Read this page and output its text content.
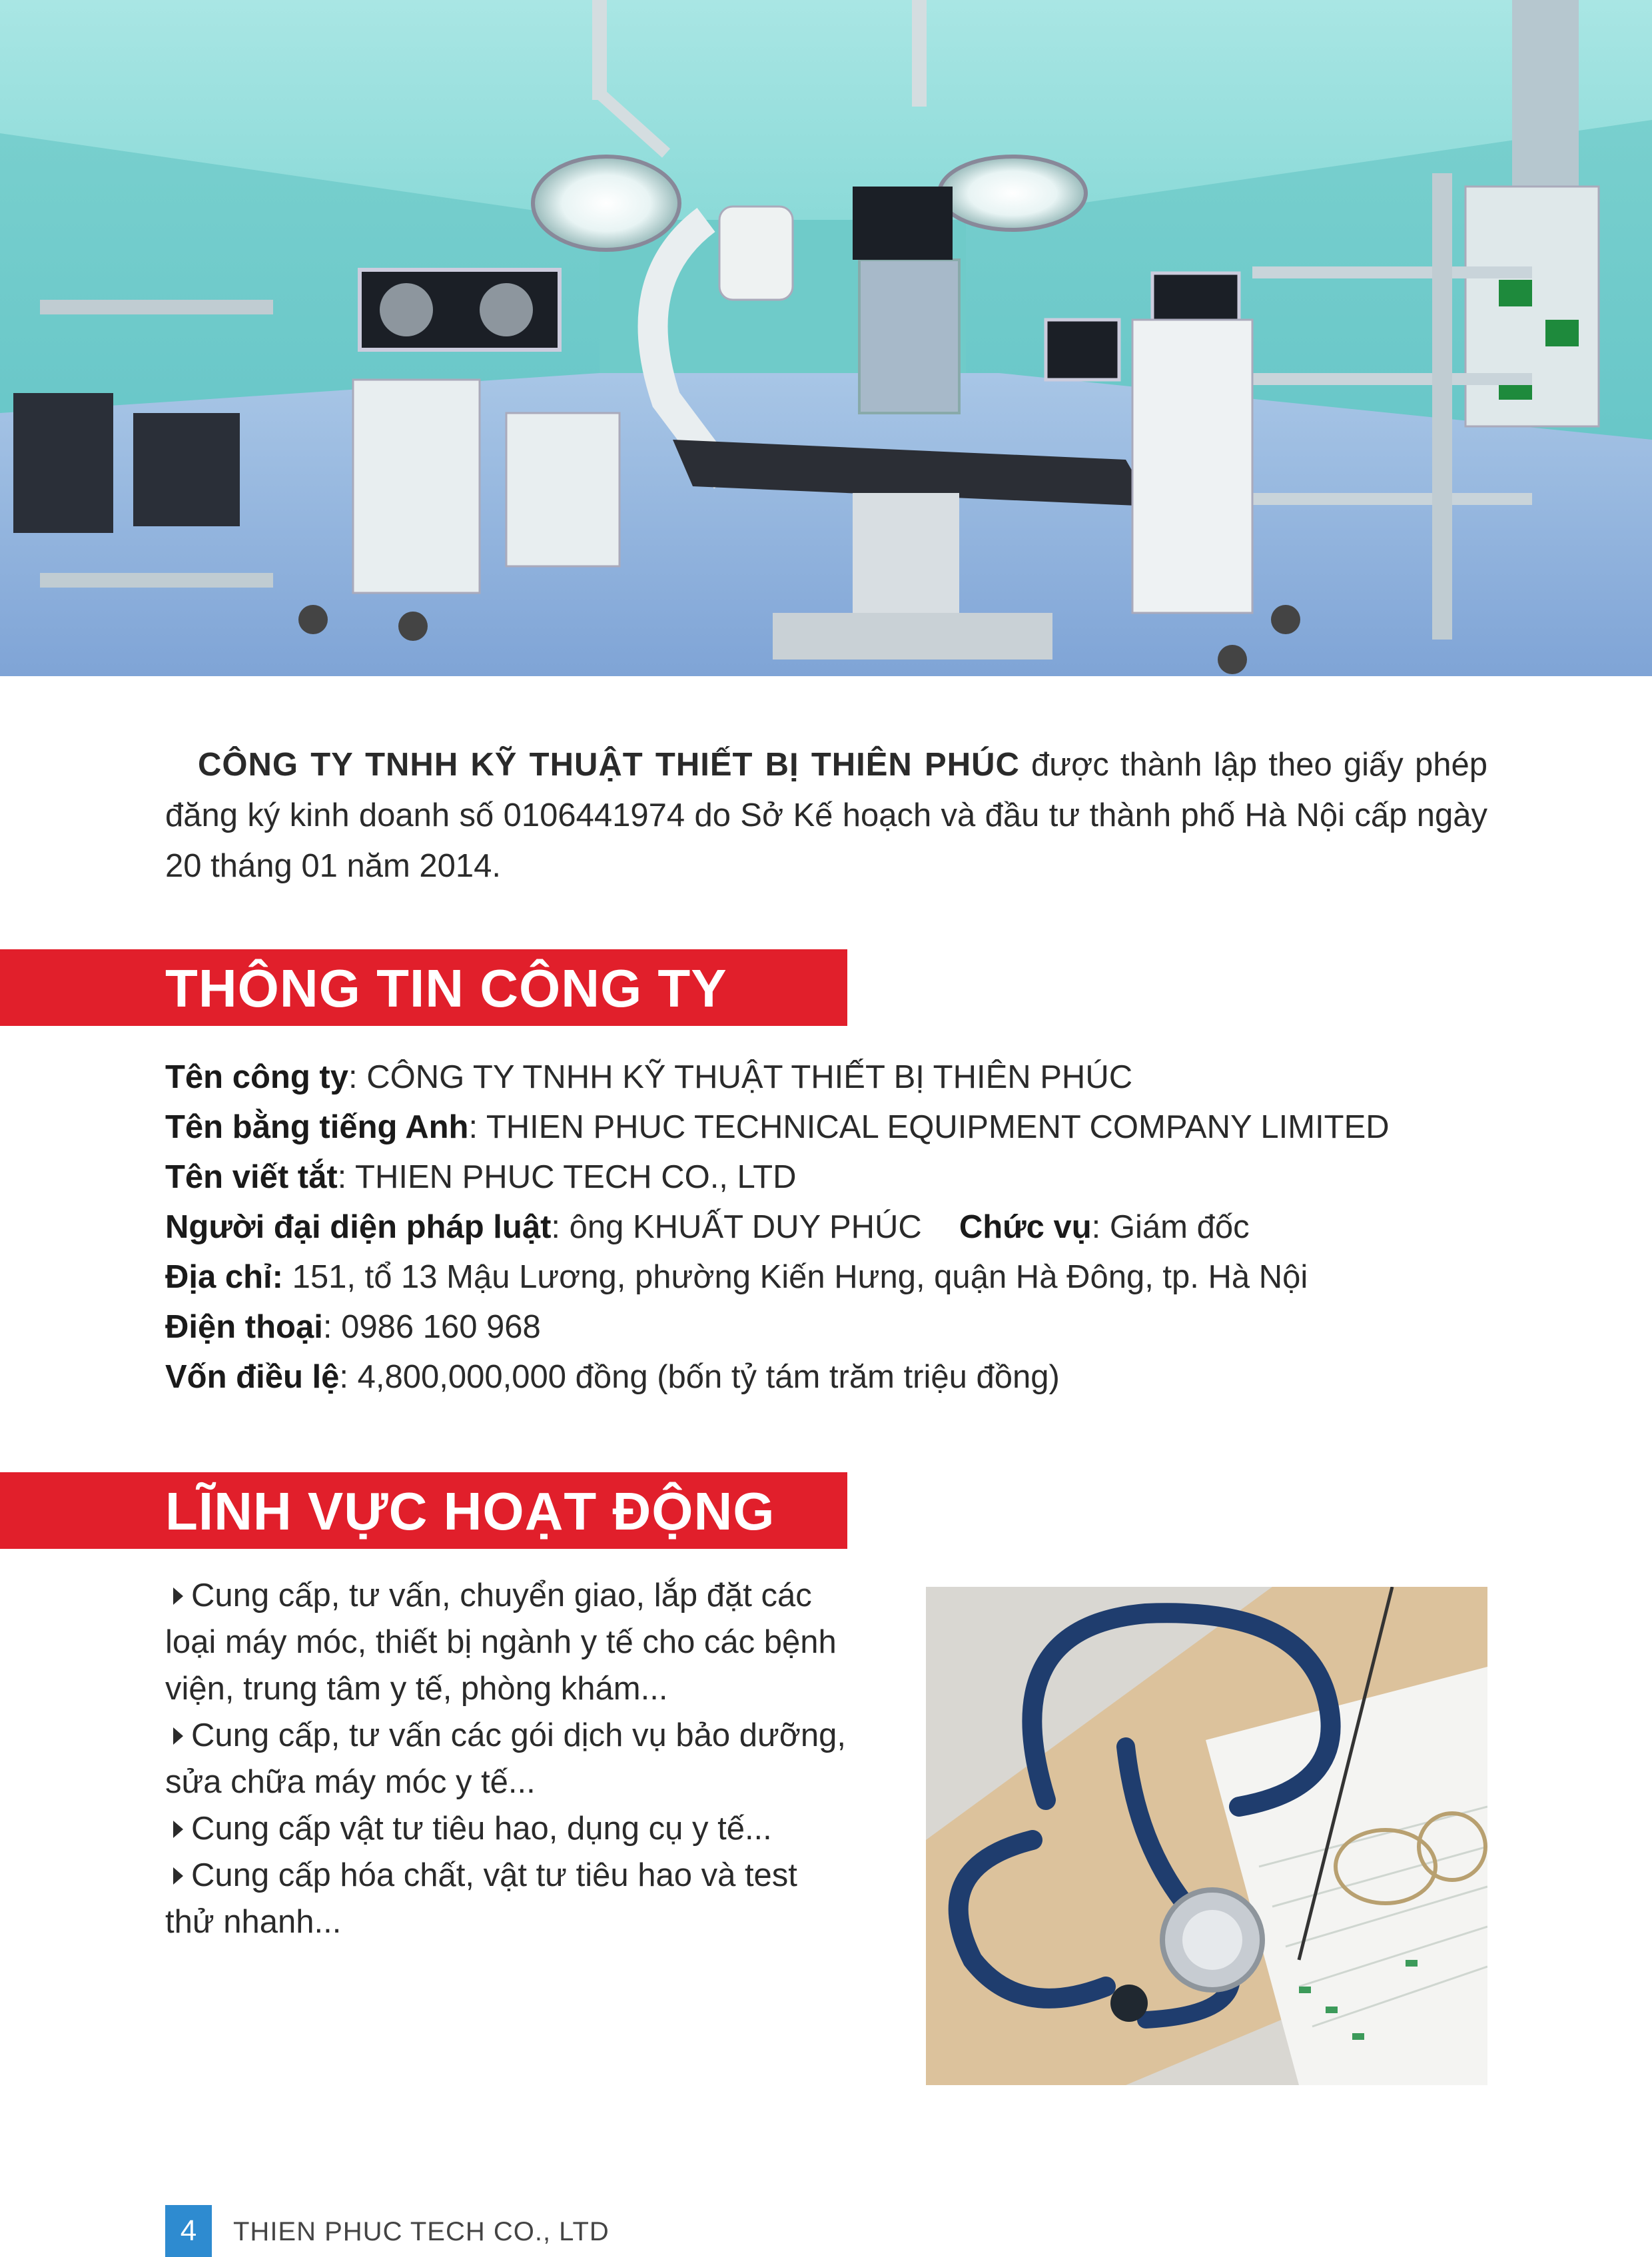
 CÔNG TY TNHH KỸ THUẬT THIẾT BỊ THIÊN PHÚC được thành lập theo giấy phép đăng ký kinh doanh số 0106441974 do Sở Kế hoạch và đầu tư thành phố Hà Nội cấp ngày 20 tháng 01 năm 2014.
THÔNG TIN CÔNG TY
Tên công ty: CÔNG TY TNHH KỸ THUẬT THIẾT BỊ THIÊN PHÚC
Tên bằng tiếng Anh: THIEN PHUC TECHNICAL EQUIPMENT COMPANY LIMITED
Tên viết tắt: THIEN PHUC TECH CO., LTD
Người đại diện pháp luật: ông KHUẤT DUY PHÚC Chức vụ: Giám đốc
Địa chỉ: 151, tổ 13 Mậu Lương, phường Kiến Hưng, quận Hà Đông, tp. Hà Nội
Điện thoại: 0986 160 968
Vốn điều lệ: 4,800,000,000 đồng (bốn tỷ tám trăm triệu đồng)
LĨNH VỰC HOẠT ĐỘNG
Cung cấp, tư vấn, chuyển giao, lắp đặt các loại máy móc, thiết bị ngành y tế cho các bệnh viện, trung tâm y tế, phòng khám...
Cung cấp, tư vấn các gói dịch vụ bảo dưỡng, sửa chữa máy móc y tế...
Cung cấp vật tư tiêu hao, dụng cụ y tế...
Cung cấp hóa chất, vật tư tiêu hao và test thử nhanh...
4	THIEN PHUC TECH CO., LTD
